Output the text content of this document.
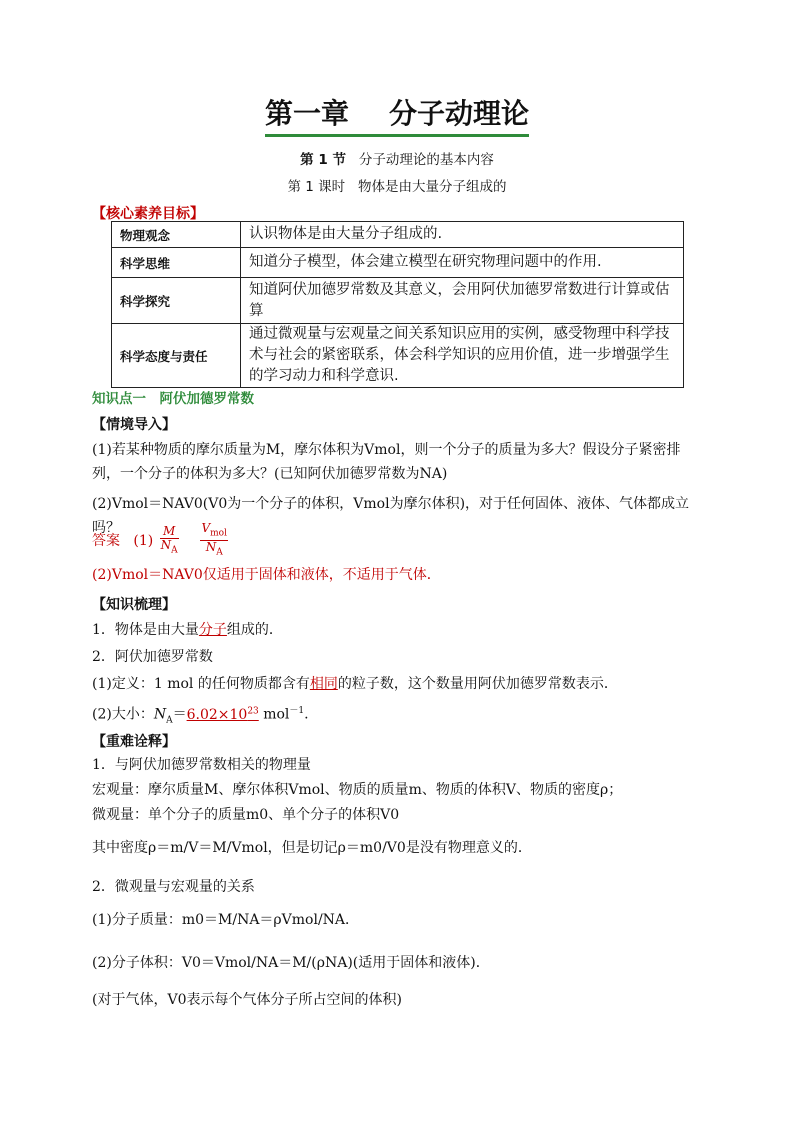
第一章 分子动理论
第 1 节 分子动理论的基本内容
第 1 课时 物体是由大量分子组成的
【核心素养目标】
物理观念	认识物体是由大量分子组成的.
科学思维	知道分子模型，体会建立模型在研究物理问题中的作用.
科学探究	知道阿伏加德罗常数及其意义，会用阿伏加德罗常数进行计算或估算
科学态度与责任	通过微观量与宏观量之间关系知识应用的实例，感受物理中科学技术与社会的紧密联系，体会科学知识的应用价值，进一步增强学生的学习动力和科学意识.
知识点一　阿伏加德罗常数
【情境导入】
(1)若某种物质的摩尔质量为M，摩尔体积为Vmol，则一个分子的质量为多大？假设分子紧密排列，一个分子的体积为多大？(已知阿伏加德罗常数为NA)
(2)Vmol＝NAV0(V0为一个分子的体积，Vmol为摩尔体积)，对于任何固体、液体、气体都成立吗？
答案   $(1) \frac{M}{N_A}$
$\frac{V_{mol}}{N_A}$
(2)Vmol＝NAV0仅适用于固体和液体，不适用于气体．
【知识梳理】
1．物体是由大量分子组成的．
2．阿伏加德罗常数
(1)定义：1 mol 的任何物质都含有相同的粒子数，这个数量用阿伏加德罗常数表示．
(2)大小：$N_A=6.02\times 10^{23}$ mol$^{-1}$.
【重难诠释】
1．与阿伏加德罗常数相关的物理量
宏观量：摩尔质量M、摩尔体积Vmol、物质的质量m、物质的体积V、物质的密度ρ；
微观量：单个分子的质量m0、单个分子的体积V0
其中密度ρ＝m/V＝M/Vmol，但是切记ρ＝m0/V0是没有物理意义的．
2．微观量与宏观量的关系
(1)分子质量：m0＝M/NA＝ρVmol/NA．
(2)分子体积：V0＝Vmol/NA＝M/(ρNA)(适用于固体和液体)．
(对于气体，V0表示每个气体分子所占空间的体积)
